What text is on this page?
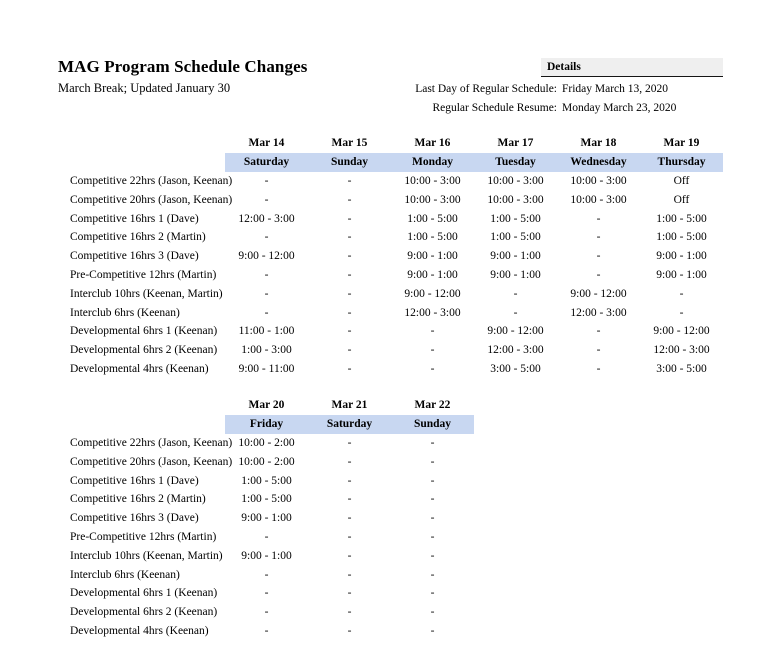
MAG Program Schedule Changes
March Break; Updated January 30
Details
Last Day of Regular Schedule: Friday March 13, 2020
Regular Schedule Resume: Monday March 23, 2020
Mar 14	Mar 15	Mar 16	Mar 17	Mar 18	Mar 19
Saturday	Sunday	Monday	Tuesday	Wednesday	Thursday
Competitive 22hrs (Jason, Keenan)	-	-	10:00 - 3:00	10:00 - 3:00	10:00 - 3:00	Off
Competitive 20hrs (Jason, Keenan)	-	-	10:00 - 3:00	10:00 - 3:00	10:00 - 3:00	Off
Competitive 16hrs 1 (Dave)	12:00 - 3:00	-	1:00 - 5:00	1:00 - 5:00	-	1:00 - 5:00
Competitive 16hrs 2 (Martin)	-	-	1:00 - 5:00	1:00 - 5:00	-	1:00 - 5:00
Competitive 16hrs 3 (Dave)	9:00 - 12:00	-	9:00 - 1:00	9:00 - 1:00	-	9:00 - 1:00
Pre-Competitive 12hrs (Martin)	-	-	9:00 - 1:00	9:00 - 1:00	-	9:00 - 1:00
Interclub 10hrs (Keenan, Martin)	-	-	9:00 - 12:00	-	9:00 - 12:00	-
Interclub 6hrs (Keenan)	-	-	12:00 - 3:00	-	12:00 - 3:00	-
Developmental 6hrs 1 (Keenan)	11:00 - 1:00	-	-	9:00 - 12:00	-	9:00 - 12:00
Developmental 6hrs 2 (Keenan)	1:00 - 3:00	-	-	12:00 - 3:00	-	12:00 - 3:00
Developmental 4hrs (Keenan)	9:00 - 11:00	-	-	3:00 - 5:00	-	3:00 - 5:00
Mar 20	Mar 21	Mar 22
Friday	Saturday	Sunday
Competitive 22hrs (Jason, Keenan) 10:00 - 2:00	-	-
Competitive 20hrs (Jason, Keenan) 10:00 - 2:00	-	-
Competitive 16hrs 1 (Dave)	1:00 - 5:00	-	-
Competitive 16hrs 2 (Martin)	1:00 - 5:00	-	-
Competitive 16hrs 3 (Dave)	9:00 - 1:00	-	-
Pre-Competitive 12hrs (Martin)	-	-	-
Interclub 10hrs (Keenan, Martin)	9:00 - 1:00	-	-
Interclub 6hrs (Keenan)	-	-	-
Developmental 6hrs 1 (Keenan)	-	-	-
Developmental 6hrs 2 (Keenan)	-	-	-
Developmental 4hrs (Keenan)	-	-	-
